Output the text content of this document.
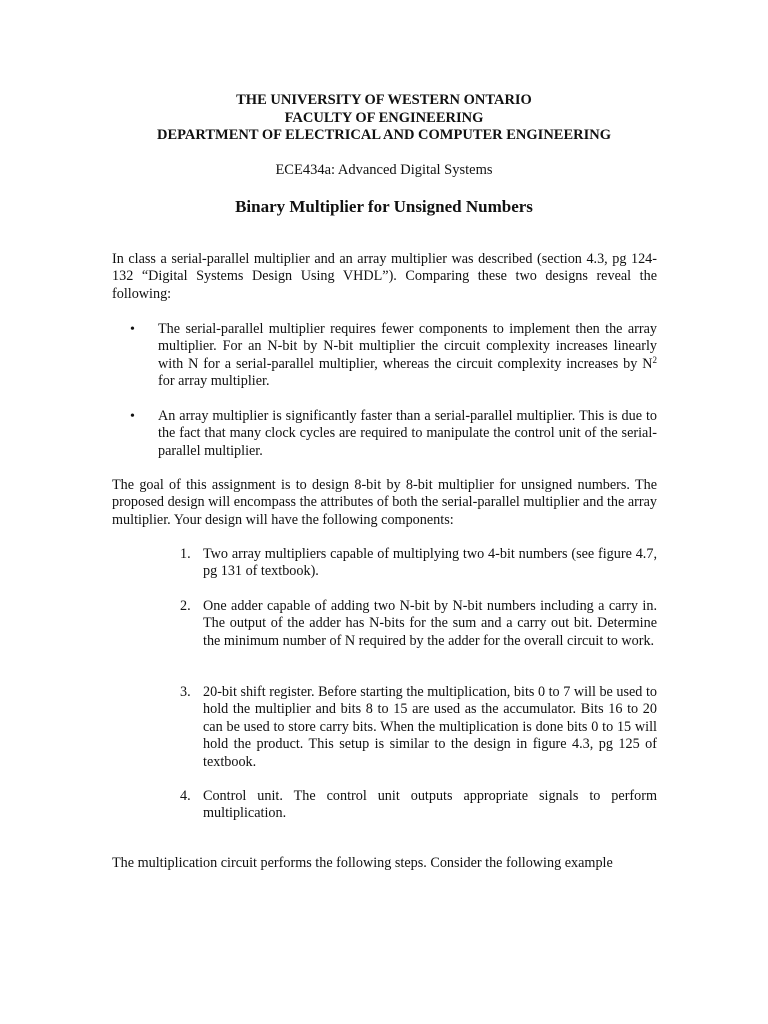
THE UNIVERSITY OF WESTERN ONTARIO
FACULTY OF ENGINEERING
DEPARTMENT OF ELECTRICAL AND COMPUTER ENGINEERING
ECE434a: Advanced Digital Systems
Binary Multiplier for Unsigned Numbers

In class a serial-parallel multiplier and an array multiplier was described (section 4.3, pg 124-132 “Digital Systems Design Using VHDL”). Comparing these two designs reveal the following:

• The serial-parallel multiplier requires fewer components to implement then the array multiplier. For an N-bit by N-bit multiplier the circuit complexity increases linearly with N for a serial-parallel multiplier, whereas the circuit complexity increases by $N^2$ for array multiplier.

• An array multiplier is significantly faster than a serial-parallel multiplier. This is due to the fact that many clock cycles are required to manipulate the control unit of the serial-parallel multiplier.

The goal of this assignment is to design 8-bit by 8-bit multiplier for unsigned numbers. The proposed design will encompass the attributes of both the serial-parallel multiplier and the array multiplier. Your design will have the following components:

1. Two array multipliers capable of multiplying two 4-bit numbers (see figure 4.7, pg 131 of textbook).

2. One adder capable of adding two N-bit by N-bit numbers including a carry in. The output of the adder has N-bits for the sum and a carry out bit. Determine the minimum number of N required by the adder for the overall circuit to work.

3. 20-bit shift register. Before starting the multiplication, bits 0 to 7 will be used to hold the multiplier and bits 8 to 15 are used as the accumulator. Bits 16 to 20 can be used to store carry bits. When the multiplication is done bits 0 to 15 will hold the product. This setup is similar to the design in figure 4.3, pg 125 of textbook.

4. Control unit. The control unit outputs appropriate signals to perform multiplication.

The multiplication circuit performs the following steps. Consider the following example
